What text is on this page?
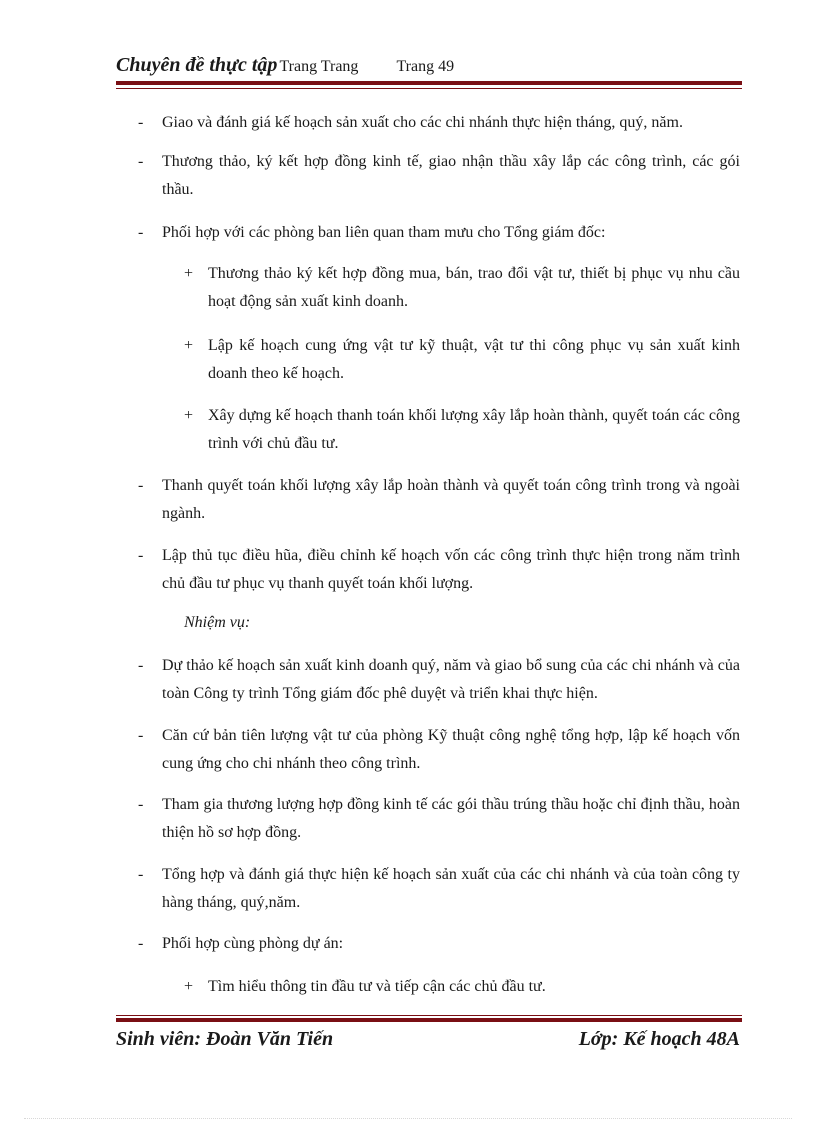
Chuyên đề thực tập Trang Trang Trang 49
- Giao và đánh giá kế hoạch sản xuất cho các chi nhánh thực hiện tháng, quý, năm.
- Thương thảo, ký kết hợp đồng kinh tế, giao nhận thầu xây lắp các công trình, các gói thầu.
- Phối hợp với các phòng ban liên quan tham mưu cho Tổng giám đốc:
+ Thương thảo ký kết hợp đồng mua, bán, trao đổi vật tư, thiết bị phục vụ nhu cầu hoạt động sản xuất kinh doanh.
+ Lập kế hoạch cung ứng vật tư kỹ thuật, vật tư thi công phục vụ sản xuất kinh doanh theo kế hoạch.
+ Xây dựng kế hoạch thanh toán khối lượng xây lắp hoàn thành, quyết toán các công trình với chủ đầu tư.
- Thanh quyết toán khối lượng xây lắp hoàn thành và quyết toán công trình trong và ngoài ngành.
- Lập thủ tục điều hũa, điều chỉnh kế hoạch vốn các công trình thực hiện trong năm trình chủ đầu tư phục vụ thanh quyết toán khối lượng.
Nhiệm vụ:
- Dự thảo kế hoạch sản xuất kinh doanh quý, năm và giao bổ sung của các chi nhánh và của toàn Công ty trình Tổng giám đốc phê duyệt và triển khai thực hiện.
- Căn cứ bản tiên lượng vật tư của phòng Kỹ thuật công nghệ tổng hợp, lập kế hoạch vốn cung ứng cho chi nhánh theo công trình.
- Tham gia thương lượng hợp đồng kinh tế các gói thầu trúng thầu hoặc chỉ định thầu, hoàn thiện hồ sơ hợp đồng.
- Tổng hợp và đánh giá thực hiện kế hoạch sản xuất của các chi nhánh và của toàn công ty hàng tháng, quý,năm.
- Phối hợp cùng phòng dự án:
+ Tìm hiểu thông tin đầu tư và tiếp cận các chủ đầu tư.
Sinh viên: Đoàn Văn Tiến	Lớp: Kế hoạch 48A
